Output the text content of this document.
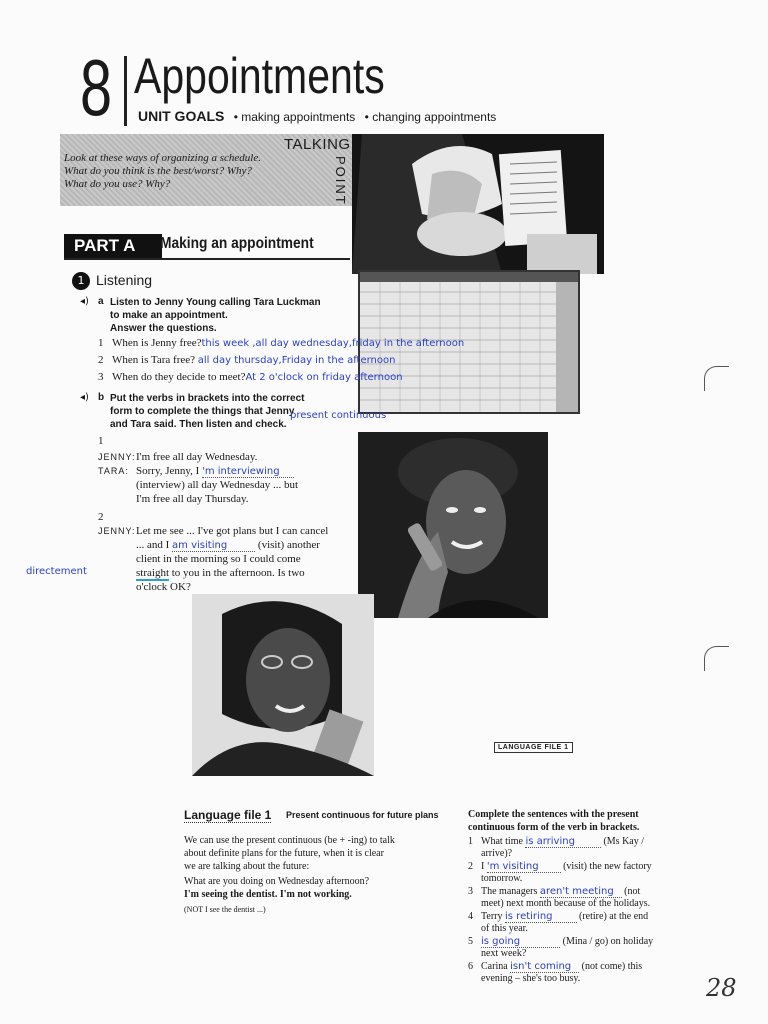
8 Appointments
UNIT GOALS • making appointments • changing appointments
TALKING
POINT
Look at these ways of organizing a schedule.
What do you think is the best/worst? Why?
What do you use? Why?
PART A	Making an appointment
1 Listening
◂) a Listen to Jenny Young calling Tara Luckman
to make an appointment.
Answer the questions.
1 When is Jenny free?this week ,all day wednesday,friday in the afternoon
2 When is Tara free? all day thursday,Friday in the afternoon
3 When do they decide to meet?At 2 o'clock on friday afternoon
◂) b Put the verbs in brackets into the correct
form to complete the things that Jenny
and Tara said. Then listen and check.
present continuous
1
JENNY: I'm free all day Wednesday.
TARA: Sorry, Jenny, I 'm interviewing
(interview) all day Wednesday ... but
I'm free all day Thursday.
2
JENNY: Let me see ... I've got plans but I can cancel
... and I am visiting	(visit) another
client in the morning so I could come
straight to you in the afternoon. Is two
o'clock OK?
directement
LANGUAGE FILE 1
Language file 1 Present continuous for future plans
We can use the present continuous (be + -ing) to talk
about definite plans for the future, when it is clear
we are talking about the future:
What are you doing on Wednesday afternoon?
I'm seeing the dentist. I'm not working.
(NOT I see the dentist ...)
Complete the sentences with the present
continuous form of the verb in brackets.
1 What time is arriving	(Ms Kay /
arrive)?
2 I 'm visiting (visit) the new factory
tomorrow.
3 The managers aren't meeting (not
meet) next month because of the holidays.
4 Terry is retiring	(retire) at the end
of this year.
5 is going	(Mina / go) on holiday
next week?
6 Carina isn't coming (not come) this
evening – she's too busy.	28
